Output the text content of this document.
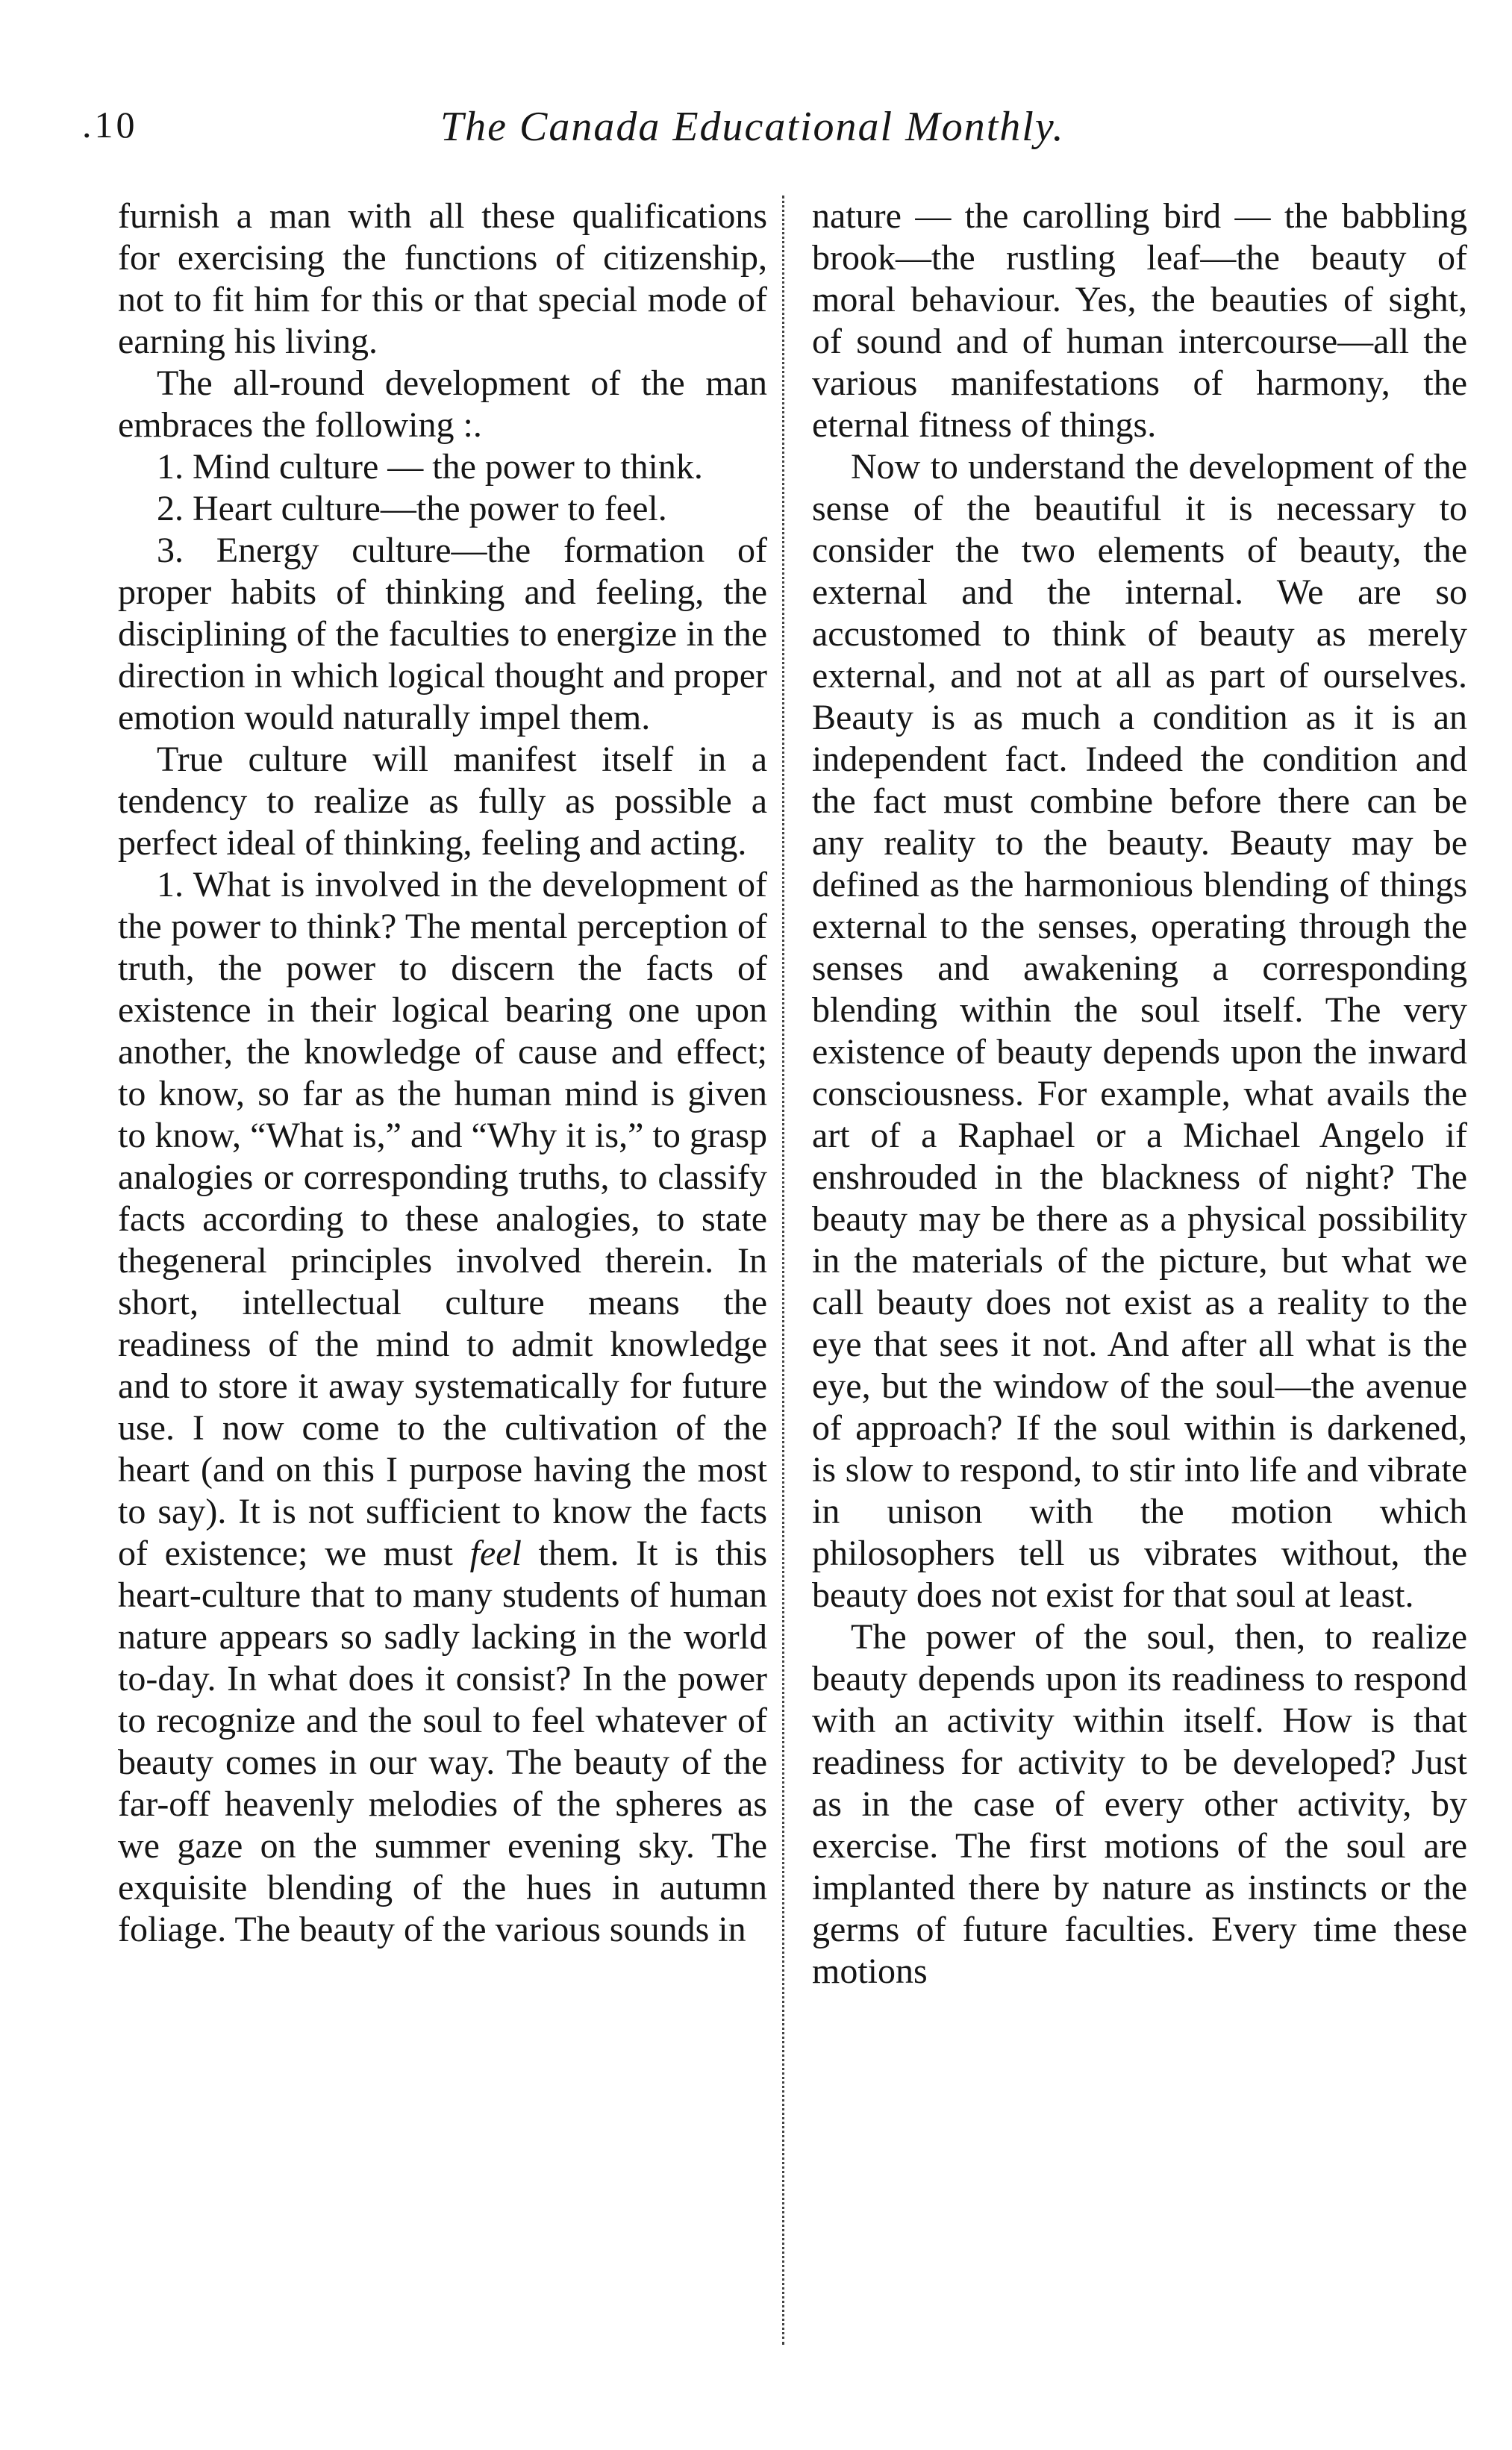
.10	The Canada Educational Monthly.

furnish a man with all these qualifications for exercising the functions of citizenship, not to fit him for this or that special mode of earning his living.

The all-round development of the man embraces the following :.

1. Mind culture — the power to think.

2. Heart culture—the power to feel.

3. Energy culture—the formation of proper habits of thinking and feeling, the disciplining of the faculties to energize in the direction in which logical thought and proper emotion would naturally impel them.

True culture will manifest itself in a tendency to realize as fully as possible a perfect ideal of thinking, feeling and acting.

1. What is involved in the development of the power to think? The mental perception of truth, the power to discern the facts of existence in their logical bearing one upon another, the knowledge of cause and effect; to know, so far as the human mind is given to know, “What is,” and “Why it is,” to grasp analogies or corresponding truths, to classify facts according to these analogies, to state thegeneral principles involved therein. In short, intellectual culture means the readiness of the mind to admit knowledge and to store it away systematically for future use. I now come to the cultivation of the heart (and on this I purpose having the most to say). It is not sufficient to know the facts of existence; we must feel them. It is this heart-culture that to many students of human nature appears so sadly lacking in the world to-day. In what does it consist? In the power to recognize and the soul to feel whatever of beauty comes in our way. The beauty of the far-off heavenly melodies of the spheres as we gaze on the summer evening sky. The exquisite blending of the hues in autumn foliage. The beauty of the various sounds in

nature — the carolling bird — the babbling brook—the rustling leaf—the beauty of moral behaviour. Yes, the beauties of sight, of sound and of human intercourse—all the various manifestations of harmony, the eternal fitness of things.

Now to understand the development of the sense of the beautiful it is necessary to consider the two elements of beauty, the external and the internal. We are so accustomed to think of beauty as merely external, and not at all as part of ourselves. Beauty is as much a condition as it is an independent fact. Indeed the condition and the fact must combine before there can be any reality to the beauty. Beauty may be defined as the harmonious blending of things external to the senses, operating through the senses and awakening a corresponding blending within the soul itself. The very existence of beauty depends upon the inward consciousness. For example, what avails the art of a Raphael or a Michael Angelo if enshrouded in the blackness of night? The beauty may be there as a physical possibility in the materials of the picture, but what we call beauty does not exist as a reality to the eye that sees it not. And after all what is the eye, but the window of the soul—the avenue of approach? If the soul within is darkened, is slow to respond, to stir into life and vibrate in unison with the motion which philosophers tell us vibrates without, the beauty does not exist for that soul at least.

The power of the soul, then, to realize beauty depends upon its readiness to respond with an activity within itself. How is that readiness for activity to be developed? Just as in the case of every other activity, by exercise. The first motions of the soul are implanted there by nature as instincts or the germs of future faculties. Every time these motions
